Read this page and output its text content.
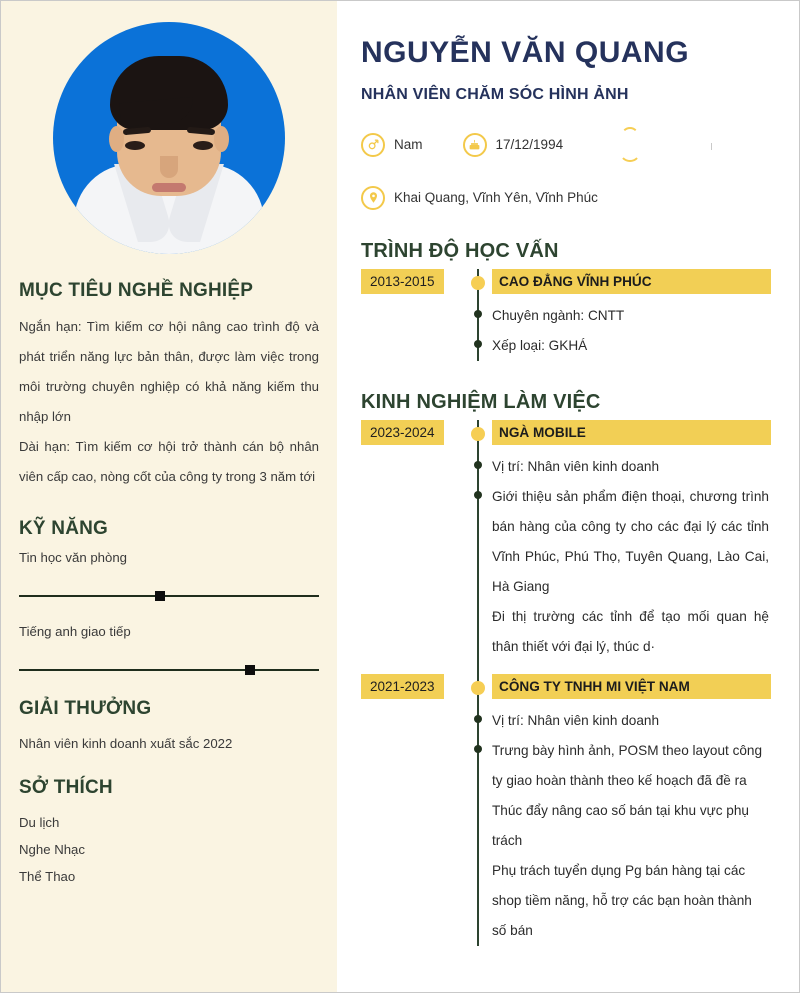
MỤC TIÊU NGHỀ NGHIỆP
Ngắn hạn: Tìm kiếm cơ hội nâng cao trình độ và phát triển năng lực bản thân, được làm việc trong môi trường chuyên nghiệp có khả năng kiếm thu nhập lớn
Dài hạn: Tìm kiếm cơ hội trở thành cán bộ nhân viên cấp cao, nòng cốt của công ty trong 3 năm tới
KỸ NĂNG
Tin học văn phòng
Tiếng anh giao tiếp
GIẢI THƯỞNG
Nhân viên kinh doanh xuất sắc 2022
SỞ THÍCH
Du lịch
Nghe Nhạc
Thể Thao
NGUYỄN VĂN QUANG
NHÂN VIÊN CHĂM SÓC HÌNH ẢNH
Nam	17/12/1994
Khai Quang, Vĩnh Yên, Vĩnh Phúc
TRÌNH ĐỘ HỌC VẤN
2013-2015	CAO ĐẲNG VĨNH PHÚC
Chuyên ngành: CNTT
Xếp loại: GKHÁ
KINH NGHIỆM LÀM VIỆC
2023-2024	NGÀ MOBILE
Vị trí: Nhân viên kinh doanh
Giới thiệu sản phẩm điện thoại, chương trình bán hàng của công ty cho các đại lý các tỉnh Vĩnh Phúc, Phú Thọ, Tuyên Quang, Lào Cai, Hà Giang
Đi thị trường các tỉnh để tạo mối quan hệ thân thiết với đại lý, thúc d·
2021-2023	CÔNG TY TNHH MI VIỆT NAM
Vị trí: Nhân viên kinh doanh
Trưng bày hình ảnh, POSM theo layout công ty giao hoàn thành theo kế hoạch đã đề ra
Thúc đẩy nâng cao số bán tại khu vực phụ trách
Phụ trách tuyển dụng Pg bán hàng tại các shop tiềm năng, hỗ trợ các bạn hoàn thành số bán
